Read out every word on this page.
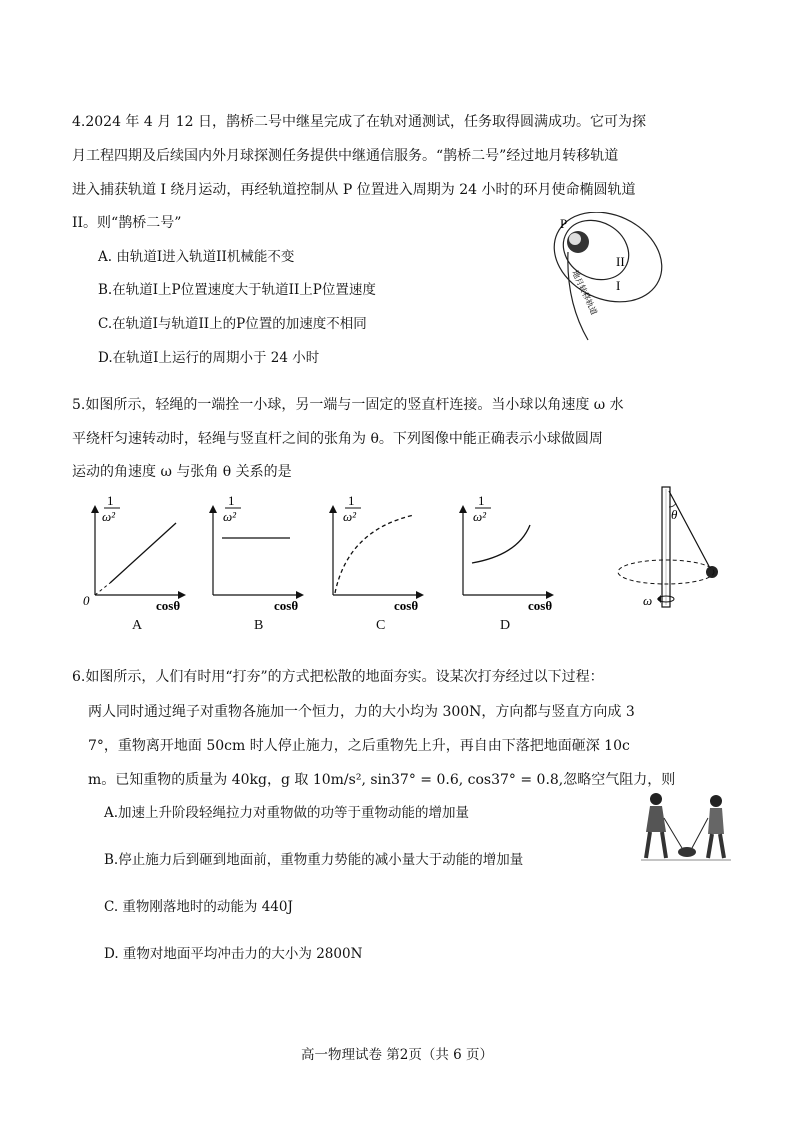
4.2024 年 4 月 12 日，鹊桥二号中继星完成了在轨对通测试，任务取得圆满成功。它可为探
月工程四期及后续国内外月球探测任务提供中继通信服务。“鹊桥二号”经过地月转移轨道
进入捕获轨道 I 绕月运动，再经轨道控制从 P 位置进入周期为 24 小时的环月使命椭圆轨道
II。则“鹊桥二号”
A. 由轨道I进入轨道II机械能不变
B.在轨道I上P位置速度大于轨道II上P位置速度
C.在轨道I与轨道II上的P位置的加速度不相同
D.在轨道I上运行的周期小于 24 小时
P
II
I
地月转移轨道
5.如图所示，轻绳的一端拴一小球，另一端与一固定的竖直杆连接。当小球以角速度 ω 水
平绕杆匀速转动时，轻绳与竖直杆之间的张角为 θ。下列图像中能正确表示小球做圆周
运动的角速度 ω 与张角 θ 关系的是
1
ω²
0	cosθ
A
1
ω²
cosθ
B
1
ω²
cosθ
C
1
ω²
cosθ
D
θ
ω
6.如图所示，人们有时用“打夯”的方式把松散的地面夯实。设某次打夯经过以下过程：
两人同时通过绳子对重物各施加一个恒力，力的大小均为 300N，方向都与竖直方向成 3
7°，重物离开地面 50cm 时人停止施力，之后重物先上升，再自由下落把地面砸深 10c
m。已知重物的质量为 40kg，g 取 10m/s², sin37° = 0.6, cos37° = 0.8,忽略空气阻力，则
A.加速上升阶段轻绳拉力对重物做的功等于重物动能的增加量
B.停止施力后到砸到地面前，重物重力势能的减小量大于动能的增加量
C. 重物刚落地时的动能为 440J
D. 重物对地面平均冲击力的大小为 2800N
高一物理试卷 第2页（共 6 页）
